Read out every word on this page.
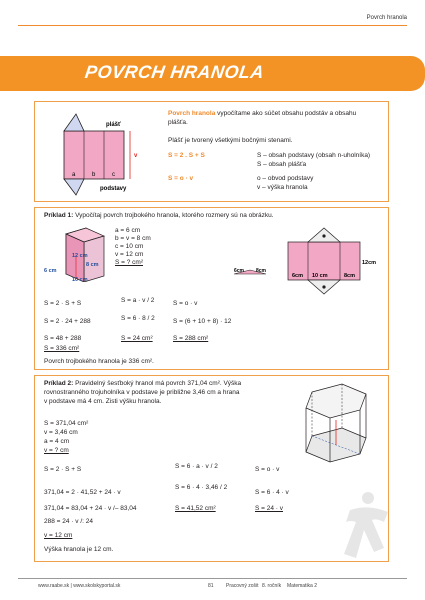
Povrch hranola
POVRCH HRANOLA
plášť
v
a	b	c
podstavy
Povrch hranola vypočítame ako súčet obsahu podstáv a obsahu
plášťa.
Plášť je tvorený všetkými bočnými stenami.
S = 2 . S + S	S – obsah podstavy (obsah n-uholníka)
S – obsah plášťa
S = o · v	o – obvod podstavy
v – výška hranola
Príklad 1: Vypočítaj povrch trojbokého hranola, ktorého rozmery sú na obrázku.
12 cm
6 cm
8 cm
10 cm
a = 6 cm
b = v = 8 cm
c = 10 cm
v = 12 cm
S = ? cm²
6cm 8cm
6cm 10 cm	8cm
12cm
S = 2 · S + S
S = 2 · 24 + 288
S = 48 + 288
S = 336 cm²
S = a · v / 2
S = 6 · 8 / 2
S = 24 cm²
S = o · v
S = (6 + 10 + 8) · 12
S = 288 cm²
Povrch trojbokého hranola je 336 cm².
Príklad 2: Pravidelný šesťboký hranol má povrch 371,04 cm². Výška
rovnostranného trojuholníka v podstave je približne 3,46 cm a hrana
v podstave má 4 cm. Zisti výšku hranola.
S = 371,04 cm²
v = 3,46 cm
a = 4 cm
v = ? cm
S = 2 · S + S
371,04 = 2 · 41,52 + 24 · v
371,04 = 83,04 + 24 · v /– 83,04
288 = 24 · v /: 24
v = 12 cm
S = 6 · a · v / 2
S = 6 · 4 · 3,46 / 2
S = 41,52 cm²
S = o · v
S = 6 · 4 · v
S = 24 · v
Výška hranola je 12 cm.
www.raabe.sk | www.skolskyportal.sk	81 Pracovný zošit 8. ročník Matematika 2
